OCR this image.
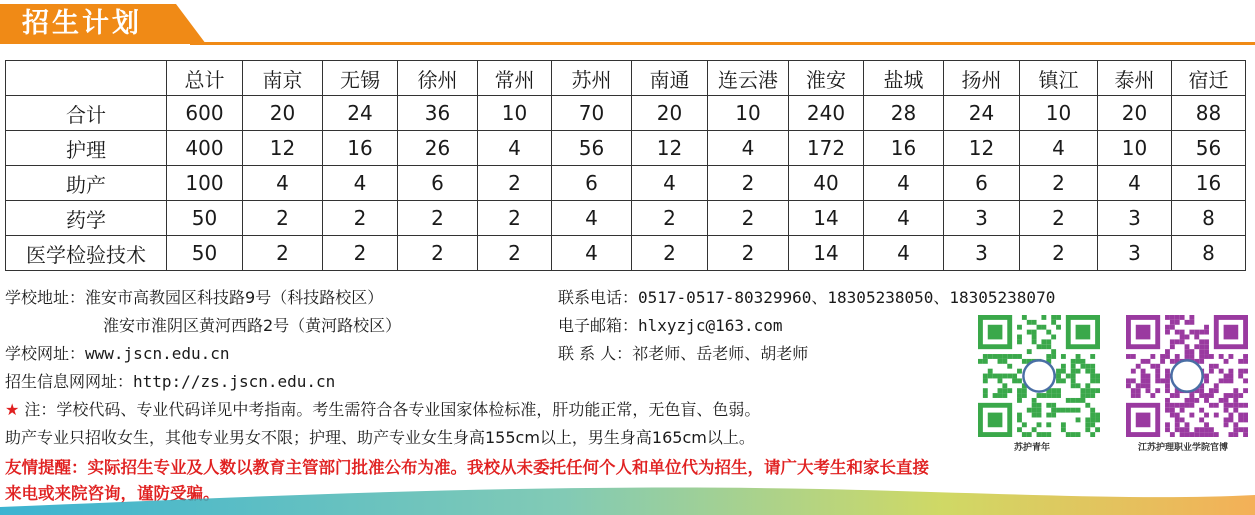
招生计划
	总计	南京	无锡	徐州	常州	苏州	南通	连云港	淮安	盐城	扬州	镇江	泰州	宿迁
合计	600	20	24	36	10	70	20	10	240	28	24	10	20	88
护理	400	12	16	26	4	56	12	4	172	16	12	4	10	56
助产	100	4	4	6	2	6	4	2	40	4	6	2	4	16
药学	50	2	2	2	2	4	2	2	14	4	3	2	3	8
医学检验技术	50	2	2	2	2	4	2	2	14	4	3	2	3	8
学校地址：淮安市高教园区科技路9号（科技路校区）
淮安市淮阴区黄河西路2号（黄河路校区）
学校网址：www.jscn.edu.cn
招生信息网网址：http://zs.jscn.edu.cn
联系电话：0517-0517-80329960、18305238050、18305238070
电子邮箱：hlxyzjc@163.com
联 系 人：祁老师、岳老师、胡老师
★ 注：学校代码、专业代码详见中考指南。考生需符合各专业国家体检标准，肝功能正常，无色盲、色弱。
助产专业只招收女生，其他专业男女不限；护理、助产专业女生身高155cm以上，男生身高165cm以上。
友情提醒：实际招生专业及人数以教育主管部门批准公布为准。我校从未委托任何个人和单位代为招生，请广大考生和家长直接
来电或来院咨询，谨防受骗。
苏护青年	江苏护理职业学院官博
